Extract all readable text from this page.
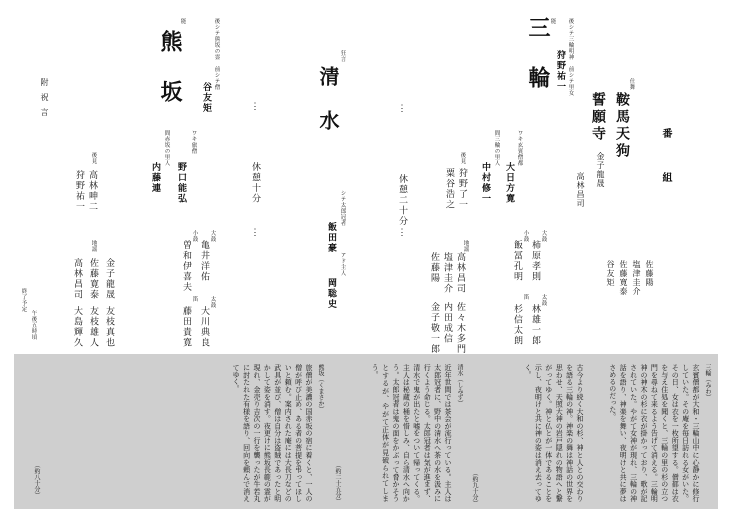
番　組
仕舞
鞍馬天狗
金子龍晟
誓願寺
高林昌司
佐藤陽
塩津圭介
佐藤寛泰
谷友矩
能
三輪	後シテ三輪明神　前シテ里女
狩野祐一
ワキ玄賓僧都
大日方寛
間三輪の里人
中村修一
後見
狩野了一
粟谷浩之
地謡
高林昌司
佐々木多門
塩津圭介
内田成信
佐藤陽
金子敬一郎
大鼓
柿原孝則
太鼓
林雄一郎
小鼓
飯冨孔明
笛
杉信太朗
⋮
休憩二十分
⋮
狂言
清水
シテ太郎冠者
飯田豪
アド主人
岡聡史
⋮
休憩十分
⋮
能
熊坂	後シテ熊坂の霊　前シテ僧
谷友矩
ワキ旅僧
野口能弘
間赤坂の里人
内藤連
後見
高林呻二
狩野祐一
地謡
金子龍晟
友枝真也
佐藤寛泰
友枝雄人
高林昌司
大島輝久
大鼓
亀井洋佑
太鼓
大川典良
小鼓
曽和伊喜夫
笛
藤田貴寛
附祝言
終了予定
午後五時頃
三輪（みわ）
玄賓僧都が大和・三輪山中に心静かに修行していた。その庵を毎日訪れる女がいた。その日、女は衣を一枚所望する。僧都は衣を与え住処を聞くと、三輪の里の杉の立つ門を尋ねて来るよう告げて消える。三輪明神の神木の杉に衣が掛かっており、歌が記されていた。やがて女神が現れ、三輪の神話を語り、神楽を舞い、夜明けと共に夢はさめるのだった。
古今より続く大和の杉、神と人との交わりを語る三輪の神。神楽の舞は神話の世界を思わせ、天照大神の岩戸隠れの物語へと繋がってゆく。神と仏とが一体であることを示し、夜明けと共に神の姿は消え去ってゆく。
（約九十分）
清水（しみず）
近年世間では茶会が流行っている。主人は太郎冠者に、野中の清水へ茶の水を汲みに行くよう命じる。太郎冠者は気が進まず、清水で鬼が出たと嘘をついて帰ってくる。主人は秘蔵の桶を惜しみ、自ら清水へ向かう。太郎冠者は鬼の面をかぶって脅かそうとするが、やがて正体が見破られてしまう。
（約二十五分）
熊坂（くまさか）
旅僧が美濃の国赤坂の宿に着くと、一人の僧が呼び止め、ある者の菩提を弔ってほしいと頼む。案内された庵には大長刀などの武具が並び、僧は自分は盗賊であったと明かして姿を消す。夜更けに熊坂長範の霊が現れ、金売り吉次の一行を襲ったが牛若丸に討たれた有様を語り、回向を頼んで消えてゆく。
（約八十分）
